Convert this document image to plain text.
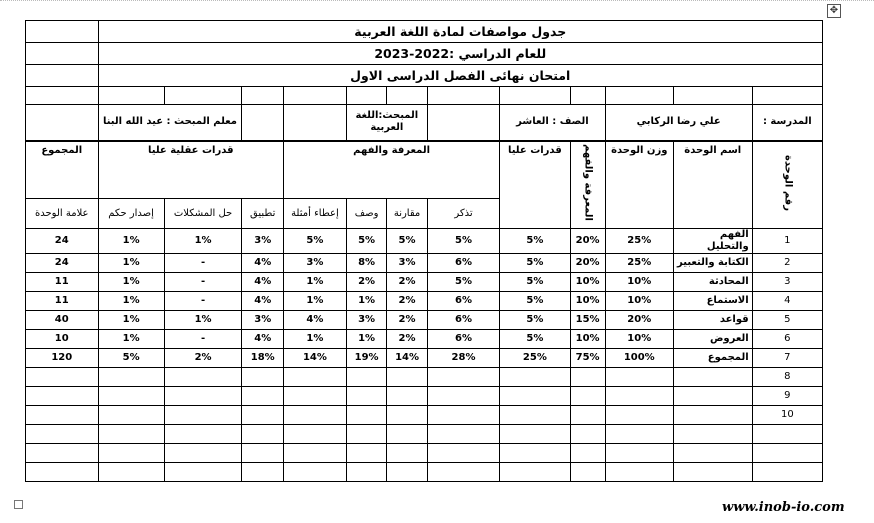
✥
جدول مواصفات لمادة اللغة العربية												
للعام الدراسي :2022-2023												
امتحان نهائى الفصل الدراسى الاول												

المدرسة :	علي رضا الركابي		الصف : العاشر			المبحث:اللغة العربية				معلم المبحث : عيد الله البنا		
رقم الوحدة	اسم الوحدة	وزن الوحدة	المعرفة والفهم	قدرات عليا	المعرفة والفهم				قدرات عقلية عليا			المجموع
					تذكر	مقارنة	وصف	إعطاء أمثلة	تطبيق	حل المشكلات	إصدار حكم	علامة الوحدة
1	الفهم والتحليل	25%	20%	5%	5%	5%	5%	5%	3%	1%	1%	24
2	الكتابة والتعبير	25%	20%	5%	6%	3%	8%	3%	4%	-	1%	24
3	المحادثة	10%	10%	5%	5%	2%	2%	1%	4%	-	1%	11
4	الاستماع	10%	10%	5%	6%	2%	1%	1%	4%	-	1%	11
5	قواعد	20%	15%	5%	6%	2%	3%	4%	3%	1%	1%	40
6	العروض	10%	10%	5%	6%	2%	1%	1%	4%	-	1%	10
7	المجموع	100%	75%	25%	28%	14%	19%	14%	18%	2%	5%	120
8												
9												
10												

www.inob-io.com
